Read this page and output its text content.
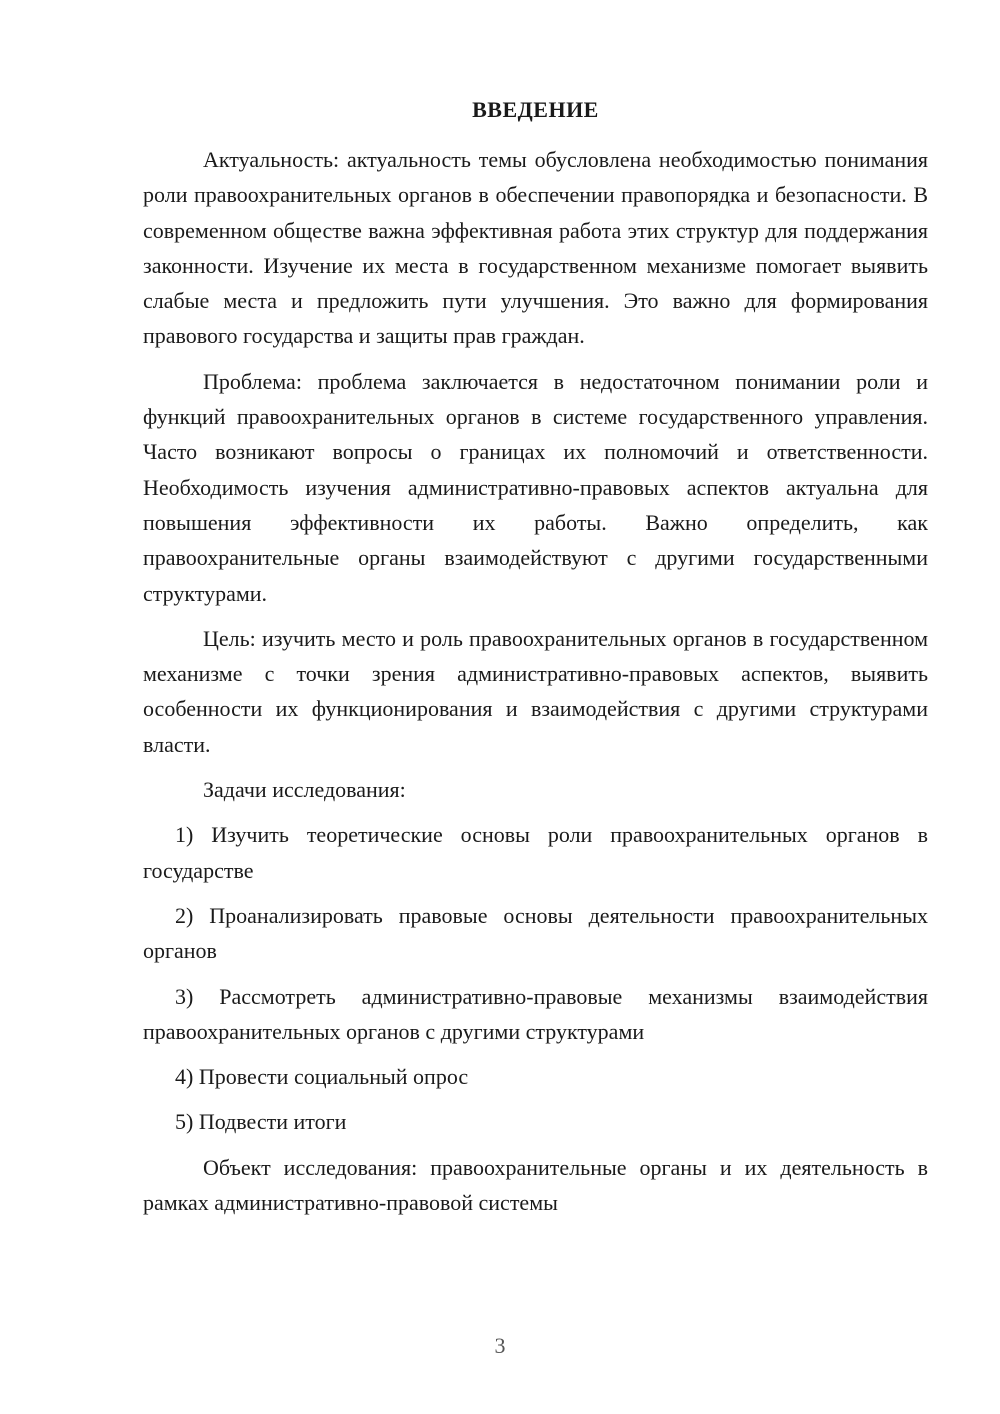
ВВЕДЕНИЕ

Актуальность: актуальность темы обусловлена необходимостью понимания роли правоохранительных органов в обеспечении правопорядка и безопасности. В современном обществе важна эффективная работа этих структур для поддержания законности. Изучение их места в государственном механизме помогает выявить слабые места и предложить пути улучшения. Это важно для формирования правового государства и защиты прав граждан.

Проблема: проблема заключается в недостаточном понимании роли и функций правоохранительных органов в системе государственного управления. Часто возникают вопросы о границах их полномочий и ответственности. Необходимость изучения административно-правовых аспектов актуальна для повышения эффективности их работы. Важно определить, как правоохранительные органы взаимодействуют с другими государственными структурами.

Цель: изучить место и роль правоохранительных органов в государственном механизме с точки зрения административно-правовых аспектов, выявить особенности их функционирования и взаимодействия с другими структурами власти.

Задачи исследования:

1) Изучить теоретические основы роли правоохранительных органов в государстве

2) Проанализировать правовые основы деятельности правоохранительных органов

3) Рассмотреть административно-правовые механизмы взаимодействия правоохранительных органов с другими структурами

4) Провести социальный опрос

5) Подвести итоги

Объект исследования: правоохранительные органы и их деятельность в рамках административно-правовой системы

3
